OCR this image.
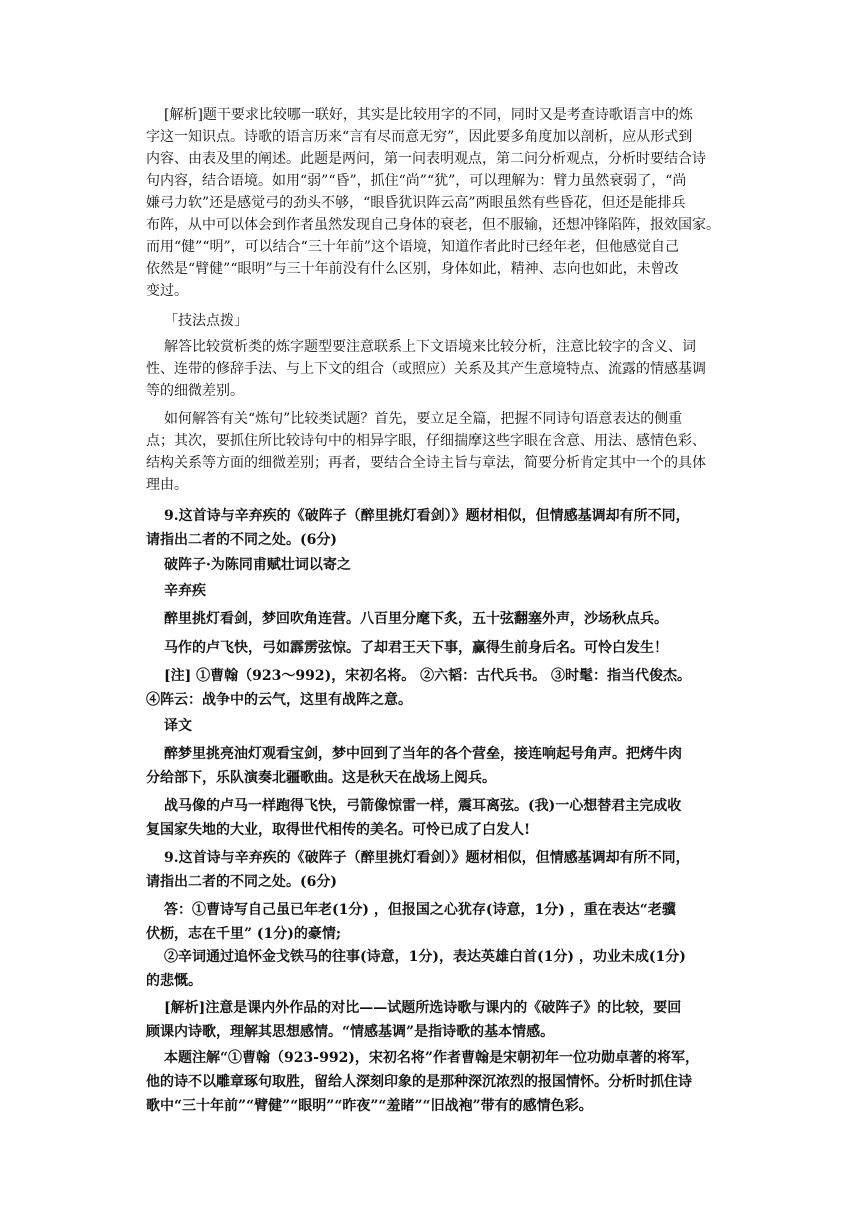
[解析]题干要求比较哪一联好，其实是比较用字的不同，同时又是考查诗歌语言中的炼
字这一知识点。诗歌的语言历来“言有尽而意无穷”，因此要多角度加以剖析，应从形式到
内容、由表及里的阐述。此题是两问，第一问表明观点，第二问分析观点，分析时要结合诗
句内容，结合语境。如用“弱”“昏”，抓住“尚”“犹”，可以理解为：臂力虽然衰弱了，“尚
嫌弓力软”还是感觉弓的劲头不够，“眼昏犹识阵云高”两眼虽然有些昏花，但还是能排兵
布阵，从中可以体会到作者虽然发现自己身体的衰老，但不服输，还想冲锋陷阵，报效国家。
而用“健”“明”，可以结合“三十年前”这个语境，知道作者此时已经年老，但他感觉自己
依然是“臂健”“眼明”与三十年前没有什么区别，身体如此，精神、志向也如此，未曾改
变过。
「技法点拨」
解答比较赏析类的炼字题型要注意联系上下文语境来比较分析，注意比较字的含义、词
性、连带的修辞手法、与上下文的组合（或照应）关系及其产生意境特点、流露的情感基调
等的细微差别。
如何解答有关“炼句”比较类试题？首先，要立足全篇，把握不同诗句语意表达的侧重
点；其次，要抓住所比较诗句中的相异字眼，仔细揣摩这些字眼在含意、用法、感情色彩、
结构关系等方面的细微差别；再者，要结合全诗主旨与章法，简要分析肯定其中一个的具体
理由。
9.这首诗与辛弃疾的《破阵子（醉里挑灯看剑）》题材相似，但情感基调却有所不同，
请指出二者的不同之处。(6分)
破阵子·为陈同甫赋壮词以寄之
辛弃疾
醉里挑灯看剑，梦回吹角连营。八百里分麾下炙，五十弦翻塞外声，沙场秋点兵。
马作的卢飞快，弓如霹雳弦惊。了却君王天下事，赢得生前身后名。可怜白发生！
[注] ①曹翰（923～992)，宋初名将。 ②六韬：古代兵书。 ③时髦：指当代俊杰。
④阵云：战争中的云气，这里有战阵之意。
译文
醉梦里挑亮油灯观看宝剑，梦中回到了当年的各个营垒，接连响起号角声。把烤牛肉
分给部下，乐队演奏北疆歌曲。这是秋天在战场上阅兵。
战马像的卢马一样跑得飞快，弓箭像惊雷一样，震耳离弦。(我)一心想替君主完成收
复国家失地的大业，取得世代相传的美名。可怜已成了白发人!
9.这首诗与辛弃疾的《破阵子（醉里挑灯看剑）》题材相似，但情感基调却有所不同，
请指出二者的不同之处。(6分)
答：①曹诗写自己虽已年老(1分) ，但报国之心犹存(诗意，1分) ，重在表达“老骥
伏枥，志在千里” (1分)的豪情;
②辛词通过追怀金戈铁马的往事(诗意，1分)，表达英雄白首(1分) ，功业未成(1分)
的悲慨。
[解析]注意是课内外作品的对比——试题所选诗歌与课内的《破阵子》的比较，要回
顾课内诗歌，理解其思想感情。“情感基调”是指诗歌的基本情感。
本题注解“①曹翰（923-992)，宋初名将”作者曹翰是宋朝初年一位功勋卓著的将军，
他的诗不以雕章琢句取胜，留给人深刻印象的是那种深沉浓烈的报国情怀。分析时抓住诗
歌中“三十年前”“臂健”“眼明”“昨夜”“羞睹”“旧战袍”带有的感情色彩。
